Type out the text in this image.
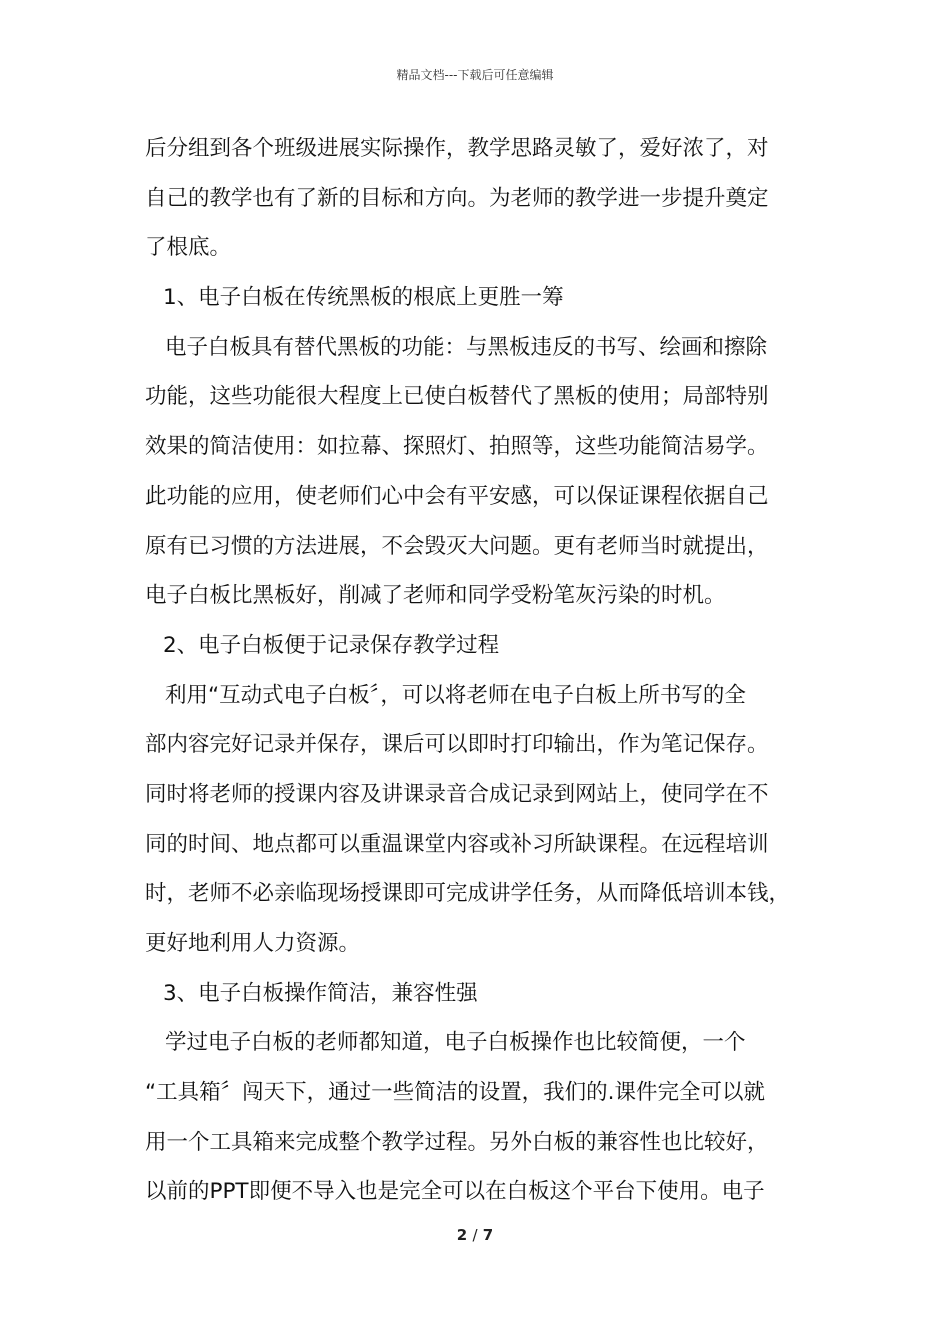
精品文档---下载后可任意编辑
后分组到各个班级进展实际操作，教学思路灵敏了，爱好浓了，对
自己的教学也有了新的目标和方向。为老师的教学进一步提升奠定
了根底。
1、电子白板在传统黑板的根底上更胜一筹
电子白板具有替代黑板的功能：与黑板违反的书写、绘画和擦除
功能，这些功能很大程度上已使白板替代了黑板的使用；局部特别
效果的简洁使用：如拉幕、探照灯、拍照等，这些功能简洁易学。
此功能的应用，使老师们心中会有平安感，可以保证课程依据自己
原有已习惯的方法进展，不会毁灭大问题。更有老师当时就提出，
电子白板比黑板好，削减了老师和同学受粉笔灰污染的时机。
2、电子白板便于记录保存教学过程
利用“互动式电子白板〞，可以将老师在电子白板上所书写的全
部内容完好记录并保存，课后可以即时打印输出，作为笔记保存。
同时将老师的授课内容及讲课录音合成记录到网站上，使同学在不
同的时间、地点都可以重温课堂内容或补习所缺课程。在远程培训
时，老师不必亲临现场授课即可完成讲学任务，从而降低培训本钱，
更好地利用人力资源。
3、电子白板操作简洁，兼容性强
学过电子白板的老师都知道，电子白板操作也比较简便，一个
“工具箱〞闯天下，通过一些简洁的设置，我们的.课件完全可以就
用一个工具箱来完成整个教学过程。另外白板的兼容性也比较好，
以前的PPT即便不导入也是完全可以在白板这个平台下使用。电子
2 / 7
